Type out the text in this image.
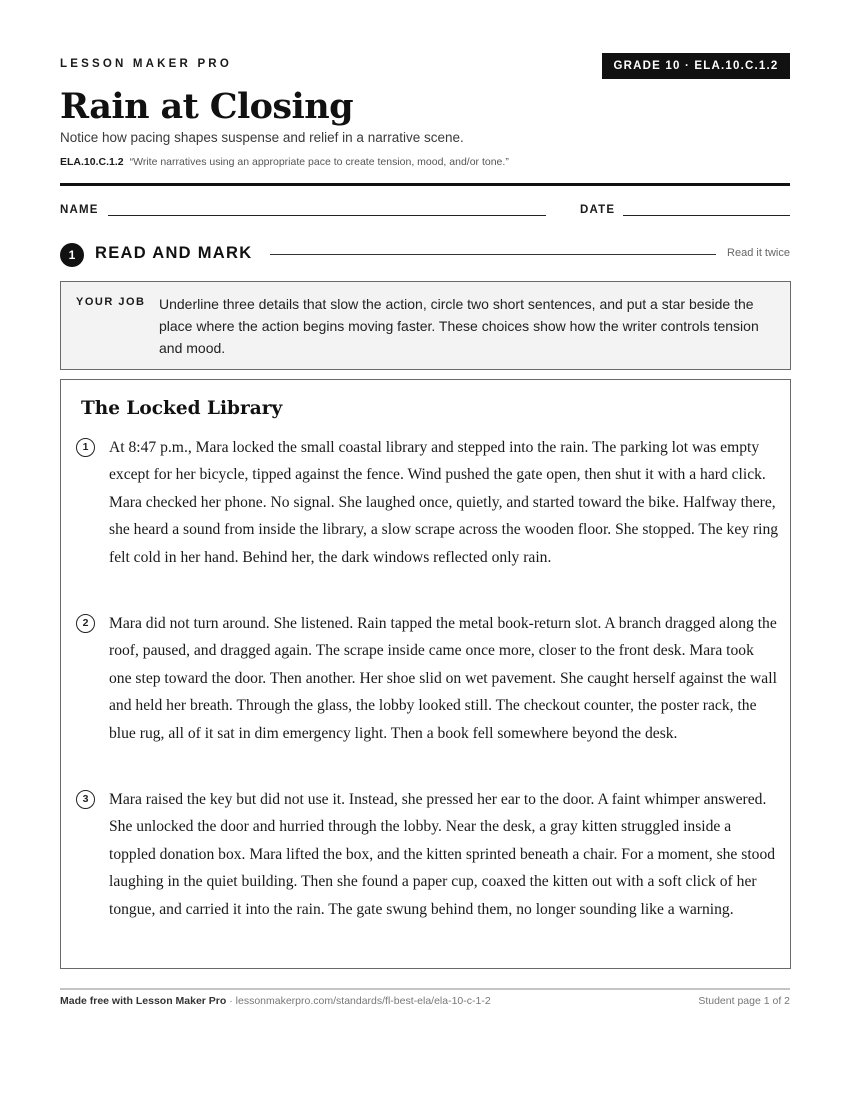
LESSON MAKER PRO	GRADE 10 · ELA.10.C.1.2
Rain at Closing
Notice how pacing shapes suspense and relief in a narrative scene.
ELA.10.C.1.2 “Write narratives using an appropriate pace to create tension, mood, and/or tone.”
NAME	DATE
1	READ AND MARK	Read it twice
YOUR JOB Underline three details that slow the action, circle two short sentences, and put a star beside the place where the action begins moving faster. These choices show how the writer controls tension and mood.

The Locked Library
1	At 8:47 p.m., Mara locked the small coastal library and stepped into the rain. The parking lot was empty except for her bicycle, tipped against the fence. Wind pushed the gate open, then shut it with a hard click. Mara checked her phone. No signal. She laughed once, quietly, and started toward the bike. Halfway there, she heard a sound from inside the library, a slow scrape across the wooden floor. She stopped. The key ring felt cold in her hand. Behind her, the dark windows reflected only rain.

2	Mara did not turn around. She listened. Rain tapped the metal book-return slot. A branch dragged along the roof, paused, and dragged again. The scrape inside came once more, closer to the front desk. Mara took one step toward the door. Then another. Her shoe slid on wet pavement. She caught herself against the wall and held her breath. Through the glass, the lobby looked still. The checkout counter, the poster rack, the blue rug, all of it sat in dim emergency light. Then a book fell somewhere beyond the desk.

3	Mara raised the key but did not use it. Instead, she pressed her ear to the door. A faint whimper answered. She unlocked the door and hurried through the lobby. Near the desk, a gray kitten struggled inside a toppled donation box. Mara lifted the box, and the kitten sprinted beneath a chair. For a moment, she stood laughing in the quiet building. Then she found a paper cup, coaxed the kitten out with a soft click of her tongue, and carried it into the rain. The gate swung behind them, no longer sounding like a warning.

Made free with Lesson Maker Pro · lessonmakerpro.com/standards/fl-best-ela/ela-10-c-1-2	Student page 1 of 2
